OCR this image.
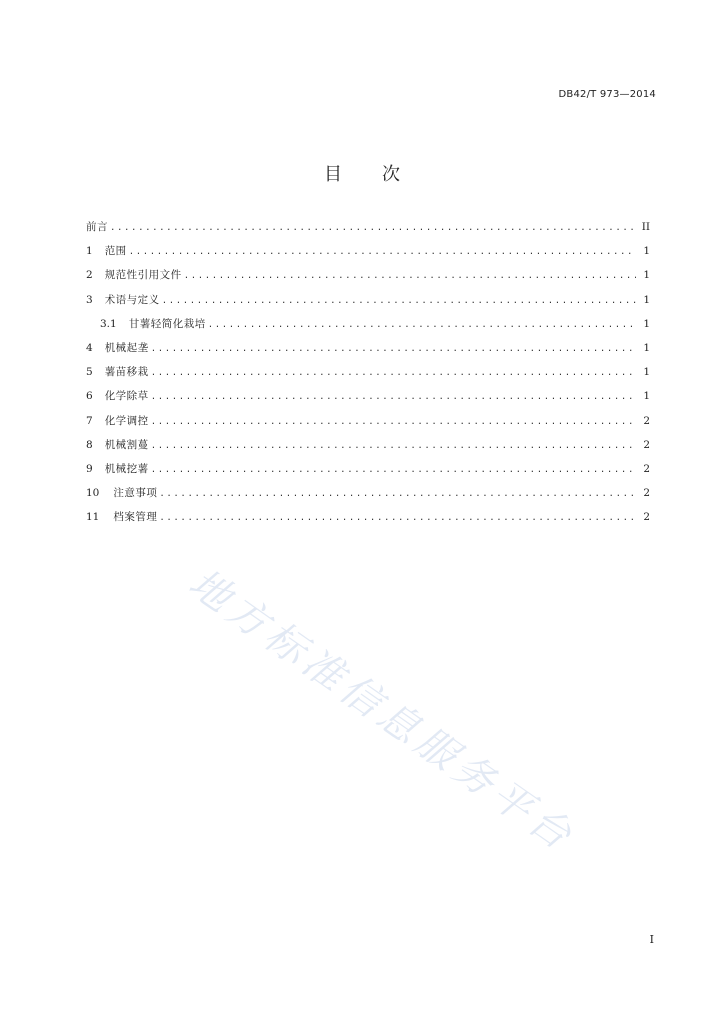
DB42/T 973—2014
目 次
前言 .....	II
1 范围 .....	1
2 规范性引用文件 .....	1
3 术语与定义 .....	1
3.1 甘薯轻简化栽培 .....	1
4 机械起垄 .....	1
5 薯苗移栽 .....	1
6 化学除草 .....	1
7 化学调控 .....	2
8 机械割蔓 .....	2
9 机械挖薯 .....	2
10 注意事项 .....	2
11 档案管理 .....	2
地方标准信息服务平台
I
